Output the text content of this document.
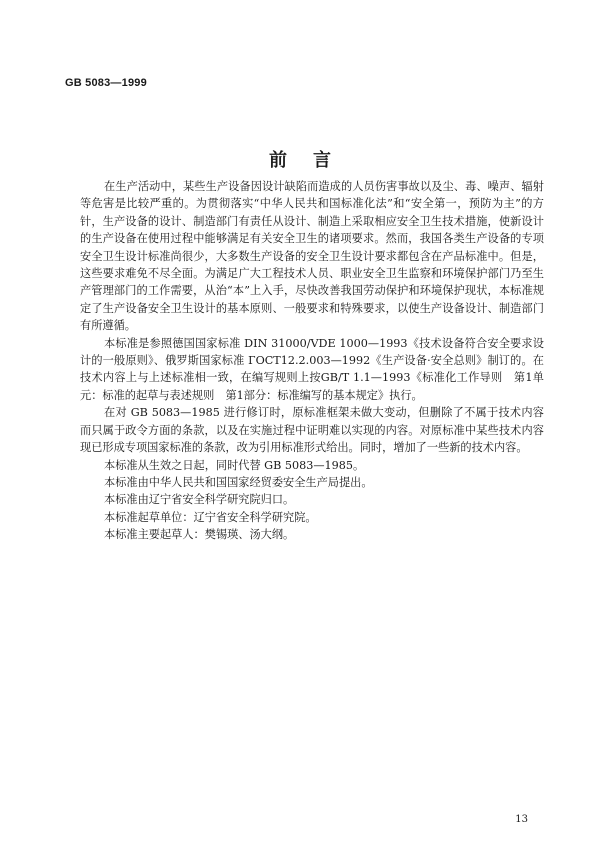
GB 5083—1999

前言

在生产活动中，某些生产设备因设计缺陷而造成的人员伤害事故以及尘、毒、噪声、辐射等危害是比较严重的。为贯彻落实“中华人民共和国标准化法”和“安全第一，预防为主”的方针，生产设备的设计、制造部门有责任从设计、制造上采取相应安全卫生技术措施，使新设计的生产设备在使用过程中能够满足有关安全卫生的诸项要求。然而，我国各类生产设备的专项安全卫生设计标准尚很少，大多数生产设备的安全卫生设计要求都包含在产品标准中。但是，这些要求难免不尽全面。为满足广大工程技术人员、职业安全卫生监察和环境保护部门乃至生产管理部门的工作需要，从治“本”上入手，尽快改善我国劳动保护和环境保护现状，本标准规定了生产设备安全卫生设计的基本原则、一般要求和特殊要求，以使生产设备设计、制造部门有所遵循。

本标准是参照德国国家标准 DIN 31000/VDE 1000—1993《技术设备符合安全要求设计的一般原则》、俄罗斯国家标准 ГОСТ12.2.003—1992《生产设备·安全总则》制订的。在技术内容上与上述标准相一致，在编写规则上按GB/T 1.1—1993《标准化工作导则　第1单元：标准的起草与表述规则　第1部分：标准编写的基本规定》执行。

在对 GB 5083—1985 进行修订时，原标准框架未做大变动，但删除了不属于技术内容而只属于政令方面的条款，以及在实施过程中证明难以实现的内容。对原标准中某些技术内容现已形成专项国家标准的条款，改为引用标准形式给出。同时，增加了一些新的技术内容。

本标准从生效之日起，同时代替 GB 5083—1985。

本标准由中华人民共和国国家经贸委安全生产局提出。

本标准由辽宁省安全科学研究院归口。

本标准起草单位：辽宁省安全科学研究院。

本标准主要起草人：樊锡瑛、汤大纲。

13
